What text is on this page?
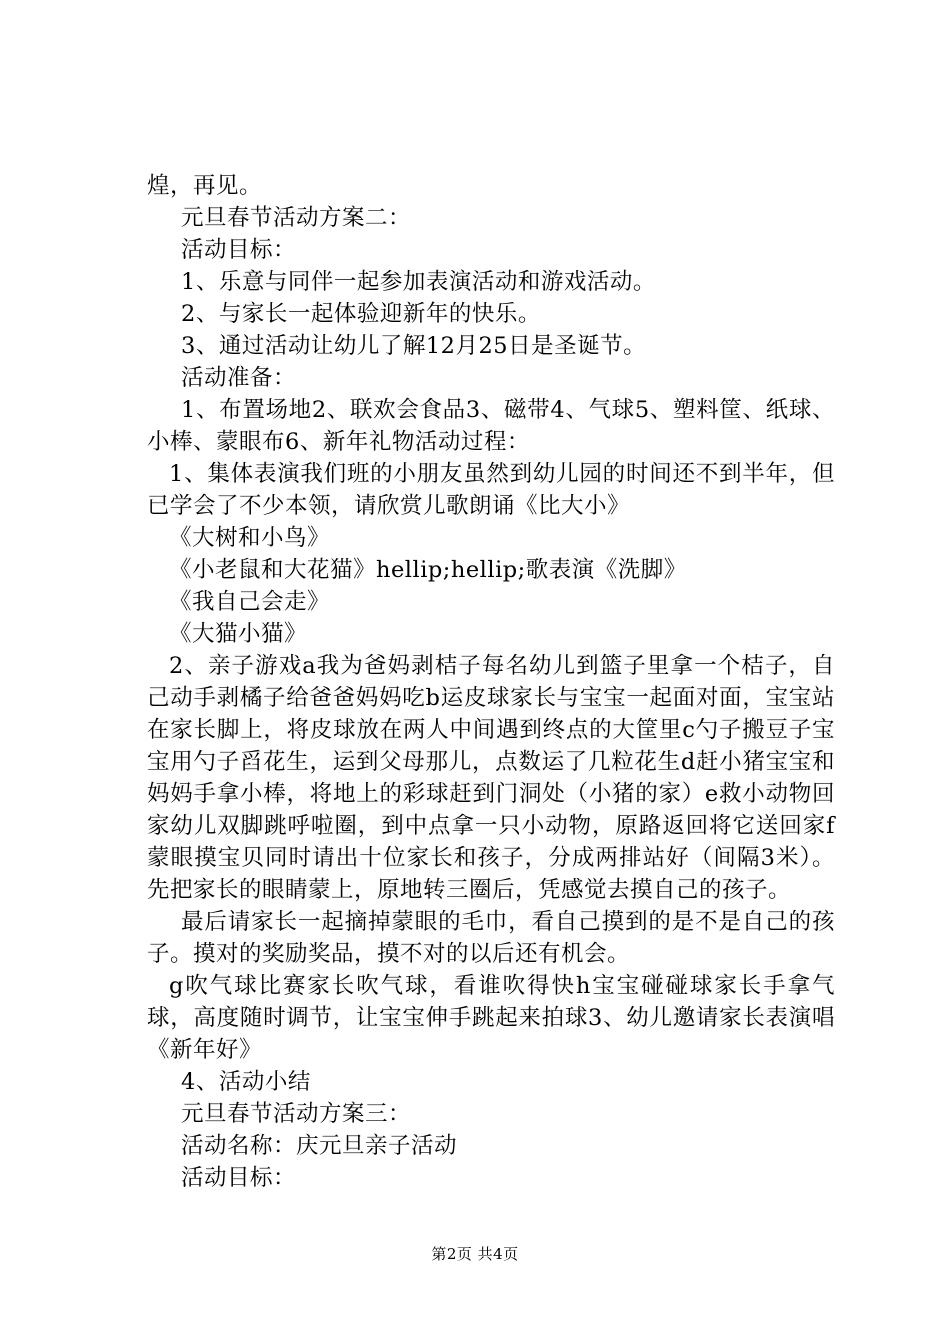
煌，再见。

元旦春节活动方案二：

活动目标：

1、乐意与同伴一起参加表演活动和游戏活动。

2、与家长一起体验迎新年的快乐。

3、通过活动让幼儿了解12月25日是圣诞节。

活动准备：

1、布置场地2、联欢会食品3、磁带4、气球5、塑料筐、纸球、小棒、蒙眼布6、新年礼物活动过程：

1、集体表演我们班的小朋友虽然到幼儿园的时间还不到半年，但已学会了不少本领，请欣赏儿歌朗诵《比大小》

《大树和小鸟》

《小老鼠和大花猫》hellip;hellip;歌表演《洗脚》

《我自己会走》

《大猫小猫》

2、亲子游戏a我为爸妈剥桔子每名幼儿到篮子里拿一个桔子，自己动手剥橘子给爸爸妈妈吃b运皮球家长与宝宝一起面对面，宝宝站在家长脚上，将皮球放在两人中间遇到终点的大筐里c勺子搬豆子宝宝用勺子舀花生，运到父母那儿，点数运了几粒花生d赶小猪宝宝和妈妈手拿小棒，将地上的彩球赶到门洞处（小猪的家）e救小动物回家幼儿双脚跳呼啦圈，到中点拿一只小动物，原路返回将它送回家f蒙眼摸宝贝同时请出十位家长和孩子，分成两排站好（间隔3米）。先把家长的眼睛蒙上，原地转三圈后，凭感觉去摸自己的孩子。

最后请家长一起摘掉蒙眼的毛巾，看自己摸到的是不是自己的孩子。摸对的奖励奖品，摸不对的以后还有机会。

g吹气球比赛家长吹气球，看谁吹得快h宝宝碰碰球家长手拿气球，高度随时调节，让宝宝伸手跳起来拍球3、幼儿邀请家长表演唱《新年好》

4、活动小结

元旦春节活动方案三：

活动名称：庆元旦亲子活动

活动目标：

第2页 共4页
